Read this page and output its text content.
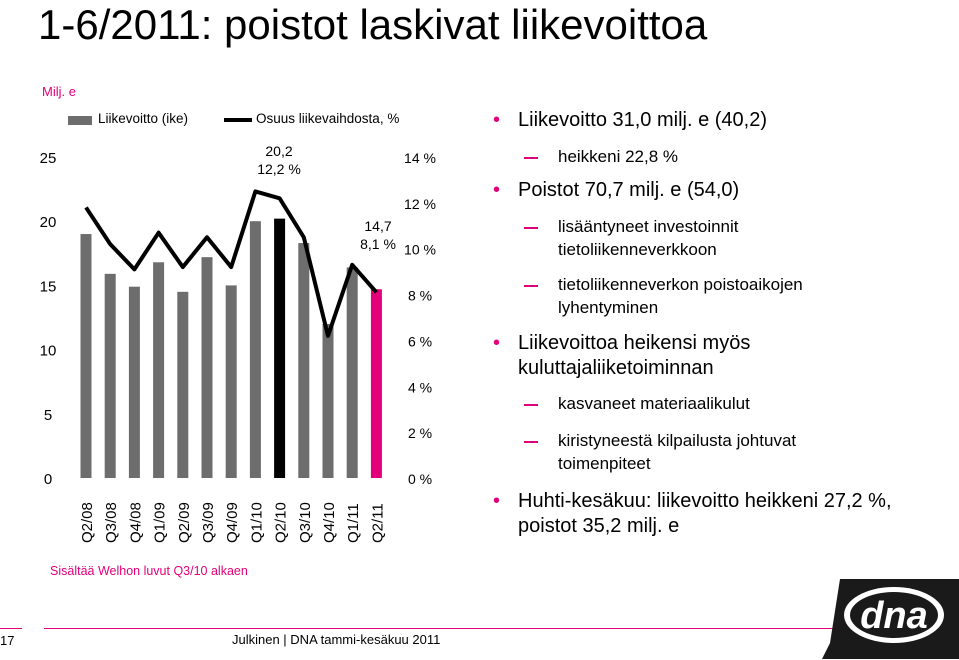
1-6/2011: poistot laskivat liikevoittoa
Milj. e
Liikevoitto (ike)	Osuus liikevaihdosta, %
0
5
10
15
20
25
0 %
2 %
4 %
6 %
8 %
10 %
12 %
14 %
Q2/08 Q3/08 Q4/08 Q1/09 Q2/09 Q3/09 Q4/09 Q1/10 Q2/10 Q3/10 Q4/10 Q1/11 Q2/11
20,2
12,2 %
14,7
8,1 %
Sisältää Welhon luvut Q3/10 alkaen
• Liikevoitto 31,0 milj. e (40,2)
heikkeni 22,8 %
• Poistot 70,7 milj. e (54,0)
lisääntyneet investoinnit tietoliikenneverkkoon
tietoliikenneverkon poistoaikojen lyhentyminen
• Liikevoittoa heikensi myös kuluttajaliiketoiminnan
kasvaneet materiaalikulut
kiristyneestä kilpailusta johtuvat toimenpiteet
• Huhti-kesäkuu: liikevoitto heikkeni 27,2 %, poistot 35,2 milj. e
17	Julkinen | DNA tammi-kesäkuu 2011
dna
